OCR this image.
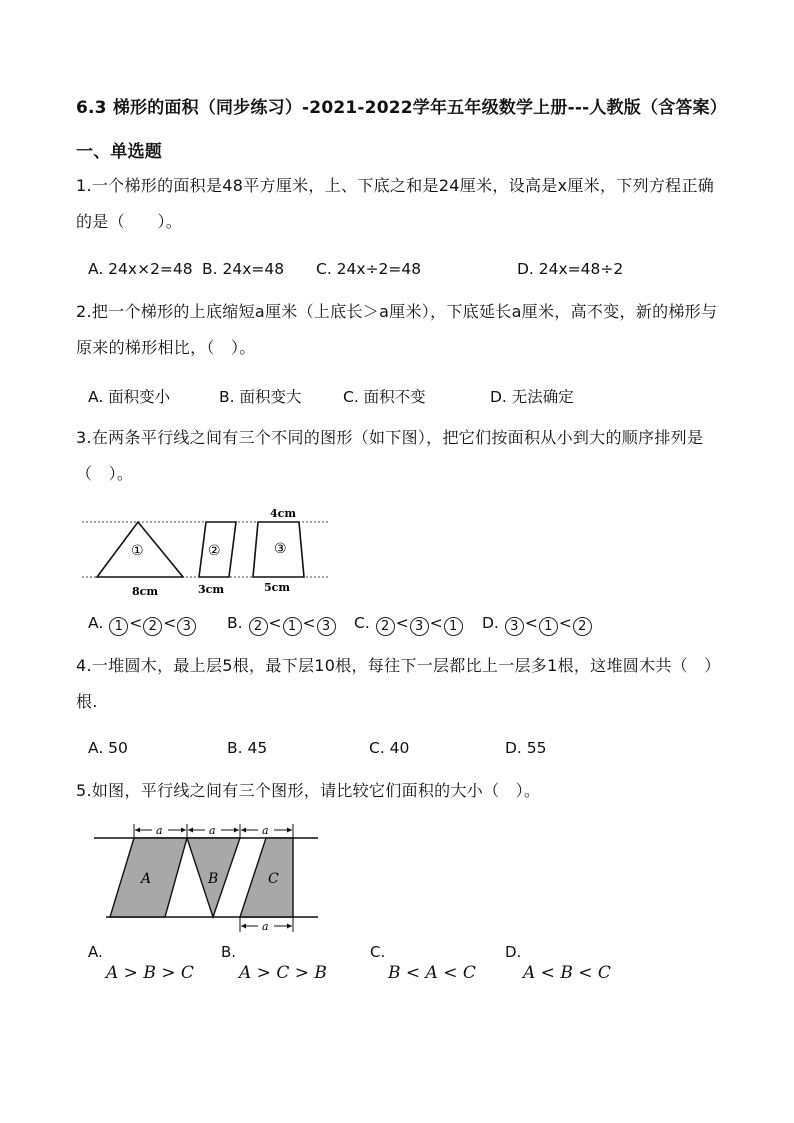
6.3 梯形的面积（同步练习）-2021-2022学年五年级数学上册---人教版（含答案）一、单选题
1.一个梯形的面积是48平方厘米，上、下底之和是24厘米，设高是x厘米，下列方程正确的是（　　）。
A. 24x×2=48 B. 24x=48 C. 24x÷2=48	D. 24x=48÷2
2.把一个梯形的上底缩短a厘米（上底长＞a厘米），下底延长a厘米，高不变，新的梯形与原来的梯形相比，（　）。
A. 面积变小	B. 面积变大	C. 面积不变	D. 无法确定
3.在两条平行线之间有三个不同的图形（如下图），把它们按面积从小到大的顺序排列是（　）。
①	②	③
8cm	3cm
4cm
5cm
A. 1 < 2 < 3	B. 2 < 1 < 3	C. 2 < 3 < 1	D. 3 < 1 < 2
4.一堆圆木，最上层5根，最下层10根，每往下一层都比上一层多1根，这堆圆木共（　）根.
A. 50	B. 45	C. 40	D. 55
5.如图，平行线之间有三个图形，请比较它们面积的大小（　）。
a	a	a
a
A	B	C
A.
A > B > C
B.
A > C > B
C.
B < A < C
D.
A < B < C
